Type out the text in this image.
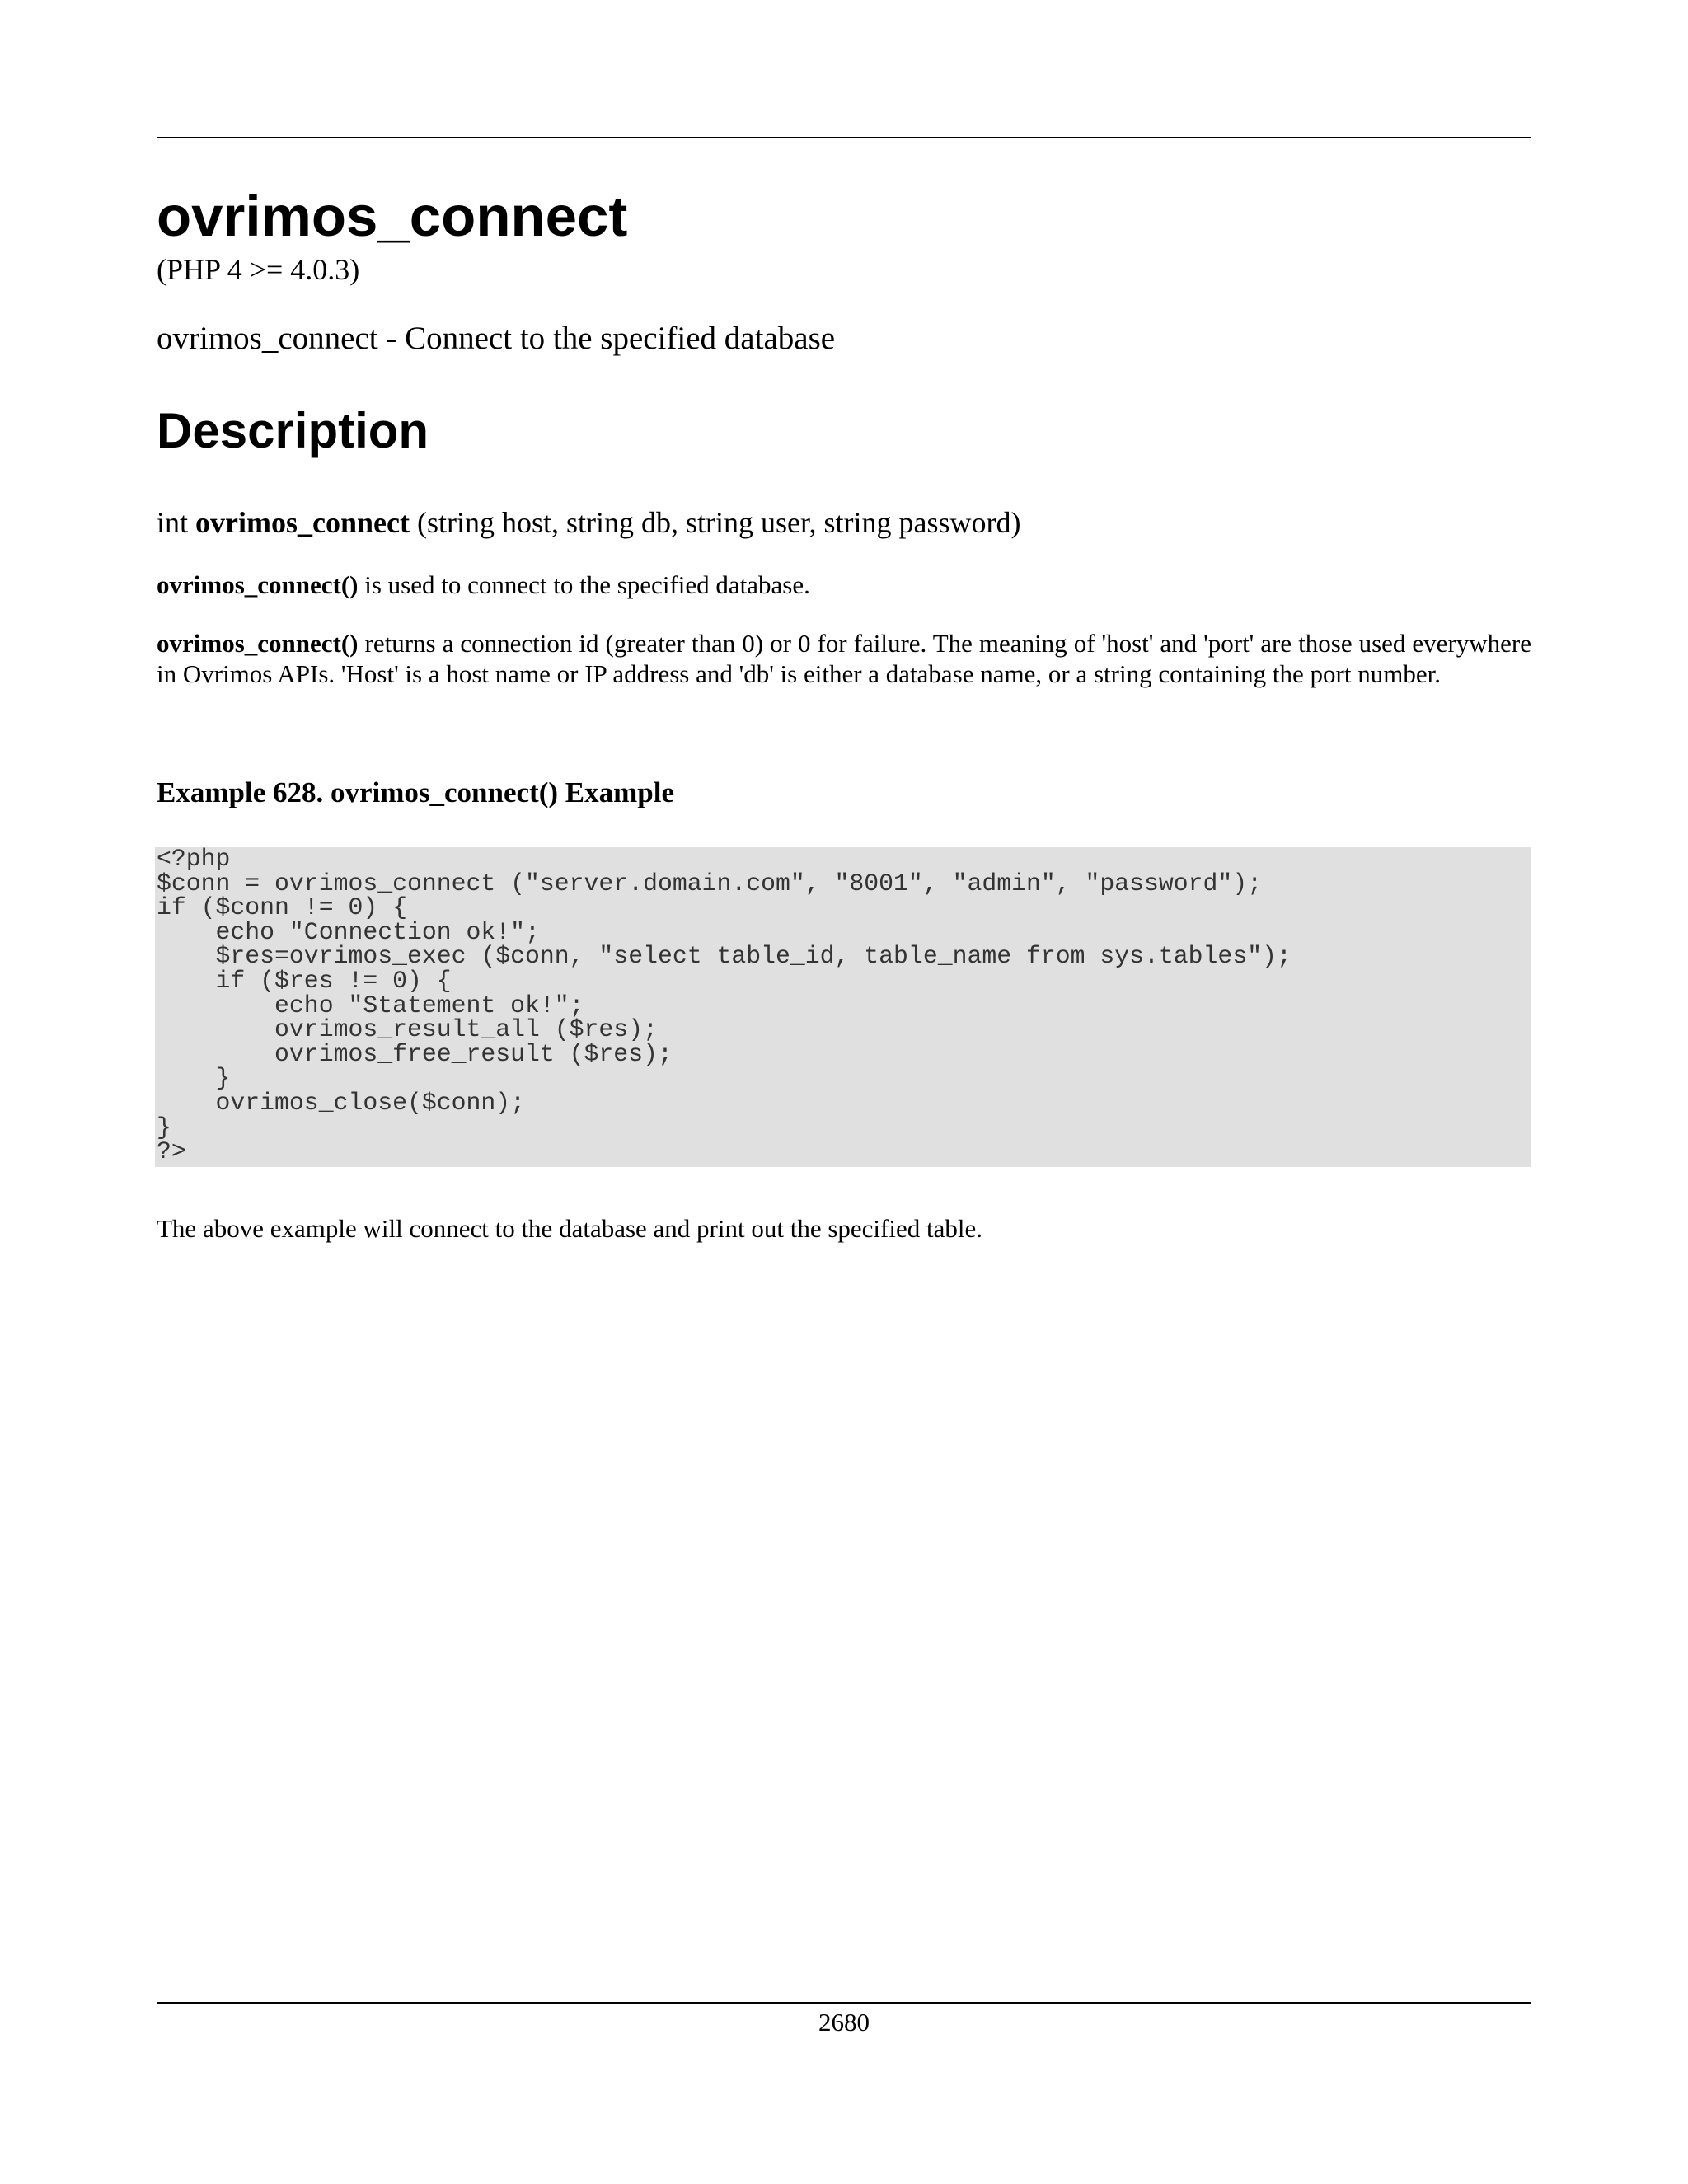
ovrimos_connect
(PHP 4 >= 4.0.3)
ovrimos_connect - Connect to the specified database
Description
int ovrimos_connect (string host, string db, string user, string password)

ovrimos_connect() is used to connect to the specified database.

ovrimos_connect() returns a connection id (greater than 0) or 0 for failure. The meaning of 'host' and 'port' are those used everywhere in Ovrimos APIs. 'Host' is a host name or IP address and 'db' is either a database name, or a string containing the port number.

Example 628. ovrimos_connect() Example
<?php
$conn = ovrimos_connect ("server.domain.com", "8001", "admin", "password");
if ($conn != 0) {
echo "Connection ok!";
$res=ovrimos_exec ($conn, "select table_id, table_name from sys.tables");
if ($res != 0) {
echo "Statement ok!";
ovrimos_result_all ($res);
ovrimos_free_result ($res);
}
ovrimos_close($conn);
}
?>
The above example will connect to the database and print out the specified table.
2680
